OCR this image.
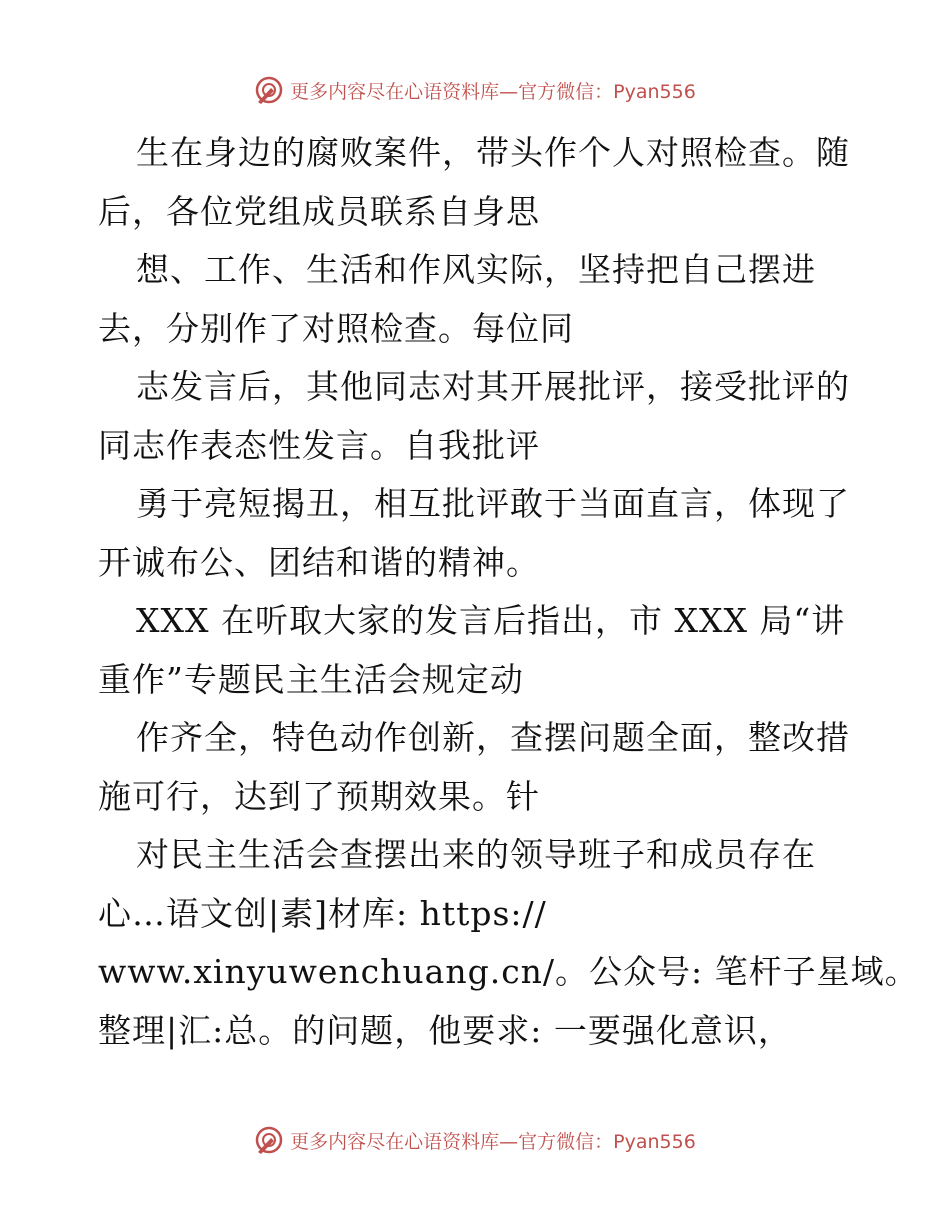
更多内容尽在心语资料库—官方微信：Pyan556
生在身边的腐败案件，带头作个人对照检查。随
后，各位党组成员联系自身思
想、工作、生活和作风实际，坚持把自己摆进
去，分别作了对照检查。每位同
志发言后，其他同志对其开展批评，接受批评的
同志作表态性发言。自我批评
勇于亮短揭丑，相互批评敢于当面直言，体现了
开诚布公、团结和谐的精神。
XXX 在听取大家的发言后指出，市 XXX 局“讲
重作”专题民主生活会规定动
作齐全，特色动作创新，查摆问题全面，整改措
施可行，达到了预期效果。针
对民主生活会查摆出来的领导班子和成员存在
心…语文创|素]材库: https://
www.xinyuwenchuang.cn/。公众号: 笔杆子星域。
整理|汇:总。的问题，他要求: 一要强化意识，
更多内容尽在心语资料库—官方微信：Pyan556
